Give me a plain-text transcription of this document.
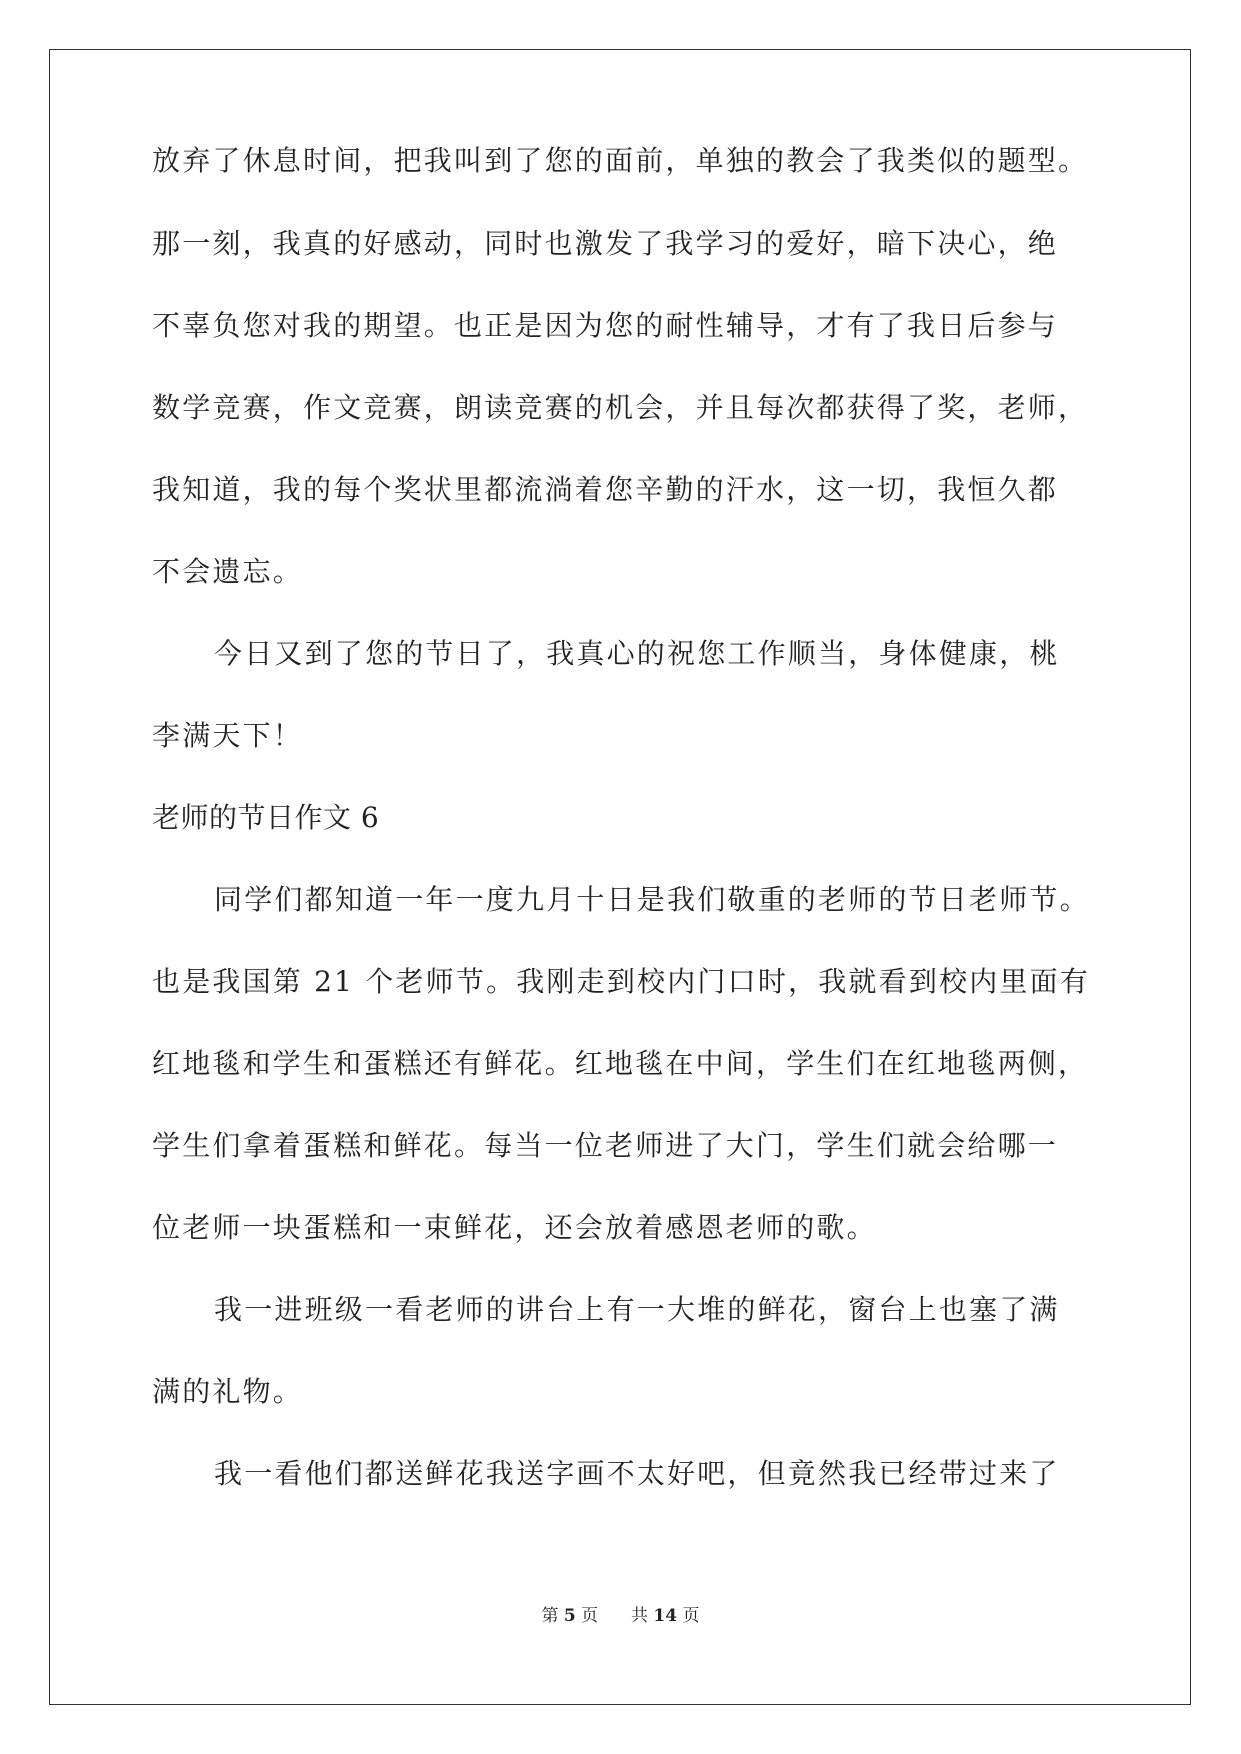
放弃了休息时间，把我叫到了您的面前，单独的教会了我类似的题型。
那一刻，我真的好感动，同时也激发了我学习的爱好，暗下决心，绝
不辜负您对我的期望。也正是因为您的耐性辅导，才有了我日后参与
数学竞赛，作文竞赛，朗读竞赛的机会，并且每次都获得了奖，老师，
我知道，我的每个奖状里都流淌着您辛勤的汗水，这一切，我恒久都
不会遗忘。
今日又到了您的节日了，我真心的祝您工作顺当，身体健康，桃
李满天下！
老师的节日作文 6
同学们都知道一年一度九月十日是我们敬重的老师的节日老师节。
也是我国第 21 个老师节。我刚走到校内门口时，我就看到校内里面有
红地毯和学生和蛋糕还有鲜花。红地毯在中间，学生们在红地毯两侧，
学生们拿着蛋糕和鲜花。每当一位老师进了大门，学生们就会给哪一
位老师一块蛋糕和一束鲜花，还会放着感恩老师的歌。
我一进班级一看老师的讲台上有一大堆的鲜花，窗台上也塞了满
满的礼物。
我一看他们都送鲜花我送字画不太好吧，但竟然我已经带过来了
第 5 页 共 14 页
